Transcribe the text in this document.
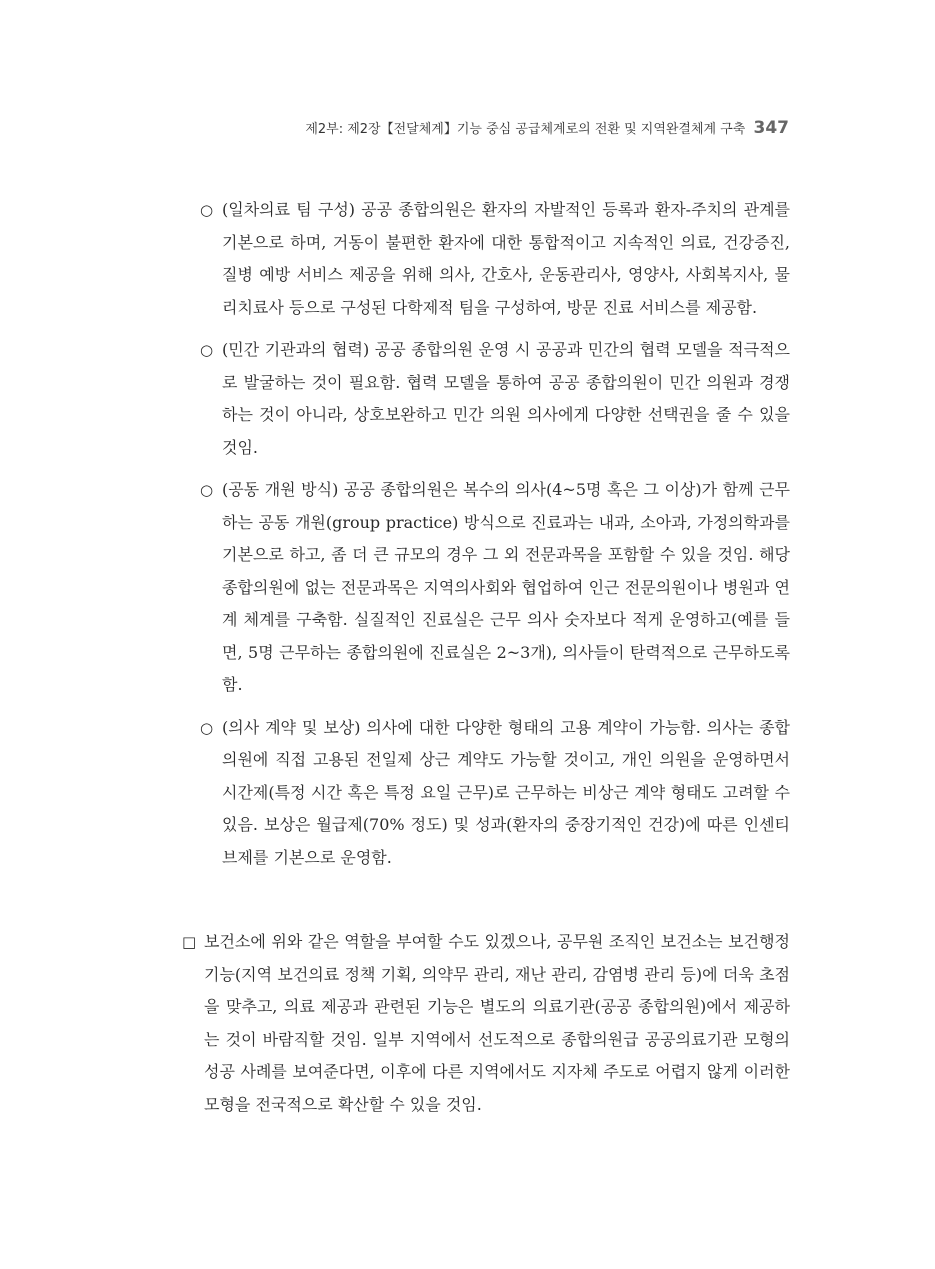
제2부: 제2장【전달체계】기능 중심 공급체계로의 전환 및 지역완결체계 구축 347
○ (일차의료 팀 구성) 공공 종합의원은 환자의 자발적인 등록과 환자-주치의 관계를 기본으로 하며, 거동이 불편한 환자에 대한 통합적이고 지속적인 의료, 건강증진, 질병 예방 서비스 제공을 위해 의사, 간호사, 운동관리사, 영양사, 사회복지사, 물리치료사 등으로 구성된 다학제적 팀을 구성하여, 방문 진료 서비스를 제공함.
○ (민간 기관과의 협력) 공공 종합의원 운영 시 공공과 민간의 협력 모델을 적극적으로 발굴하는 것이 필요함. 협력 모델을 통하여 공공 종합의원이 민간 의원과 경쟁하는 것이 아니라, 상호보완하고 민간 의원 의사에게 다양한 선택권을 줄 수 있을 것임.
○ (공동 개원 방식) 공공 종합의원은 복수의 의사(4~5명 혹은 그 이상)가 함께 근무하는 공동 개원(group practice) 방식으로 진료과는 내과, 소아과, 가정의학과를 기본으로 하고, 좀 더 큰 규모의 경우 그 외 전문과목을 포함할 수 있을 것임. 해당 종합의원에 없는 전문과목은 지역의사회와 협업하여 인근 전문의원이나 병원과 연계 체계를 구축함. 실질적인 진료실은 근무 의사 숫자보다 적게 운영하고(예를 들면, 5명 근무하는 종합의원에 진료실은 2~3개), 의사들이 탄력적으로 근무하도록 함.
○ (의사 계약 및 보상) 의사에 대한 다양한 형태의 고용 계약이 가능함. 의사는 종합의원에 직접 고용된 전일제 상근 계약도 가능할 것이고, 개인 의원을 운영하면서 시간제(특정 시간 혹은 특정 요일 근무)로 근무하는 비상근 계약 형태도 고려할 수 있음. 보상은 월급제(70% 정도) 및 성과(환자의 중장기적인 건강)에 따른 인센티브제를 기본으로 운영함.
□ 보건소에 위와 같은 역할을 부여할 수도 있겠으나, 공무원 조직인 보건소는 보건행정 기능(지역 보건의료 정책 기획, 의약무 관리, 재난 관리, 감염병 관리 등)에 더욱 초점을 맞추고, 의료 제공과 관련된 기능은 별도의 의료기관(공공 종합의원)에서 제공하는 것이 바람직할 것임. 일부 지역에서 선도적으로 종합의원급 공공의료기관 모형의 성공 사례를 보여준다면, 이후에 다른 지역에서도 지자체 주도로 어렵지 않게 이러한 모형을 전국적으로 확산할 수 있을 것임.
